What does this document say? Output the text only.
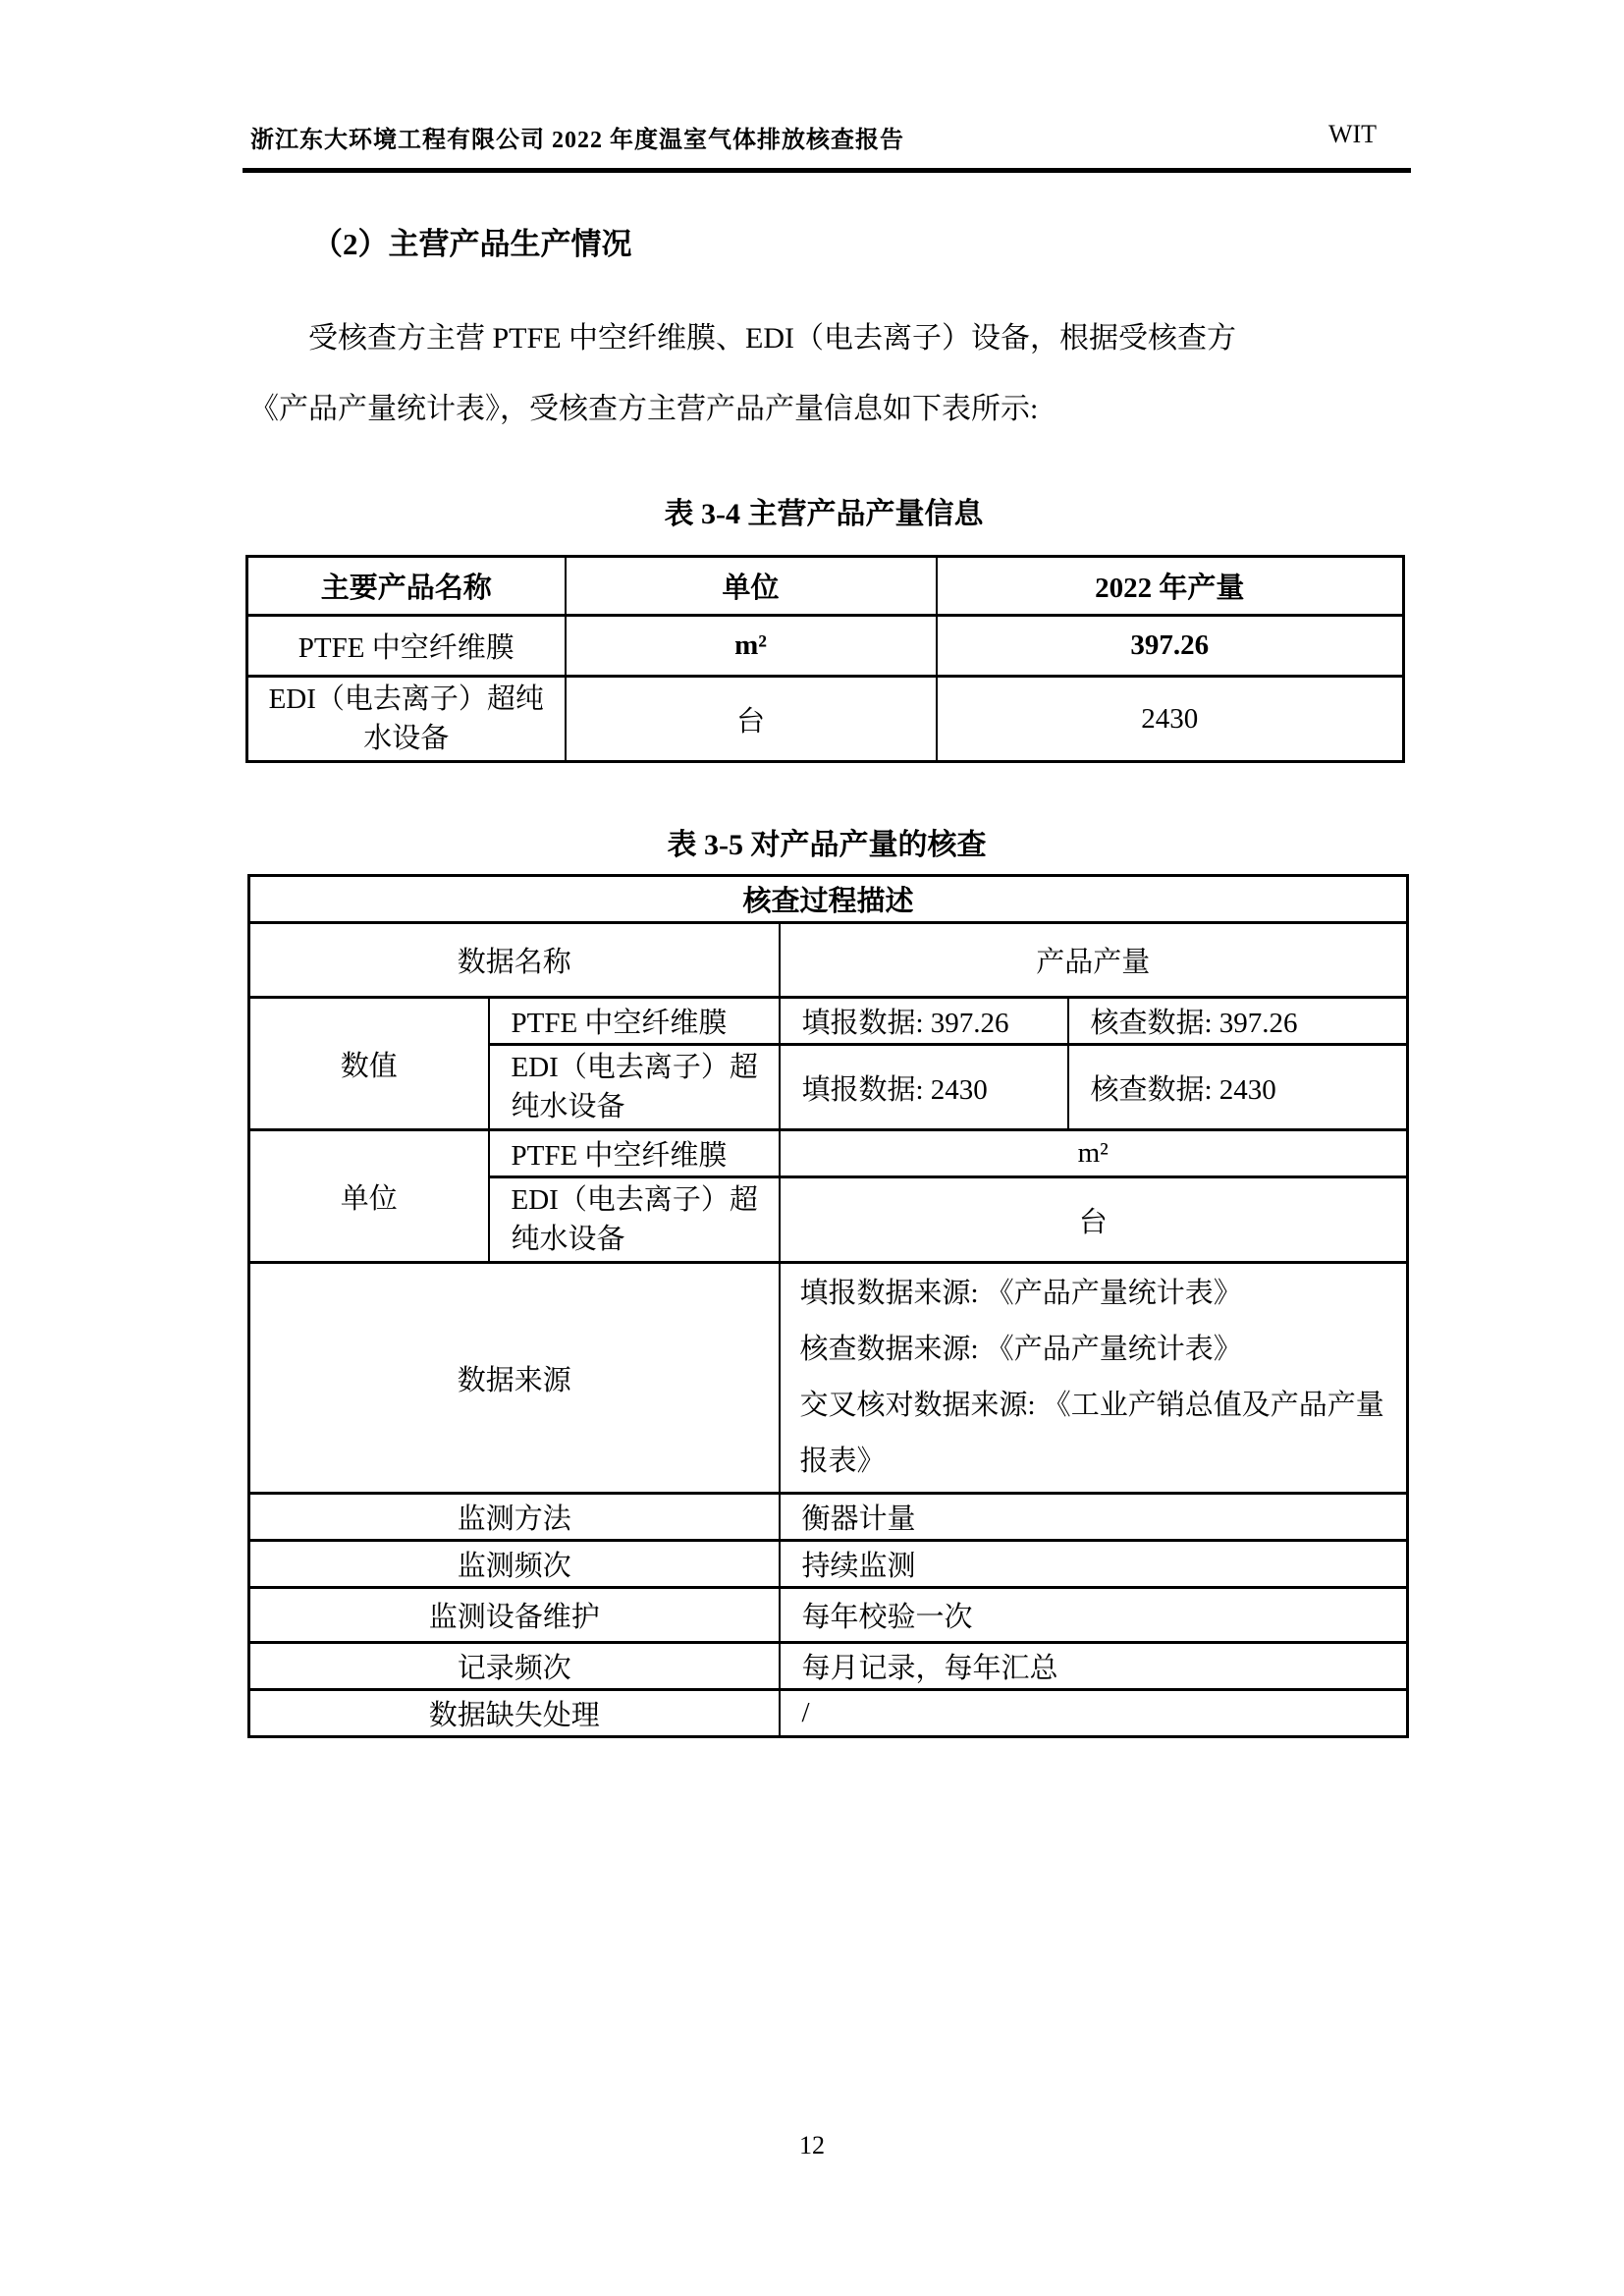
浙江东大环境工程有限公司 2022 年度温室气体排放核查报告	WIT
（2）主营产品生产情况
受核查方主营 PTFE 中空纤维膜、EDI（电去离子）设备，根据受核查方
《产品产量统计表》，受核查方主营产品产量信息如下表所示:
表 3-4 主营产品产量信息
主要产品名称	单位	2022 年产量
PTFE 中空纤维膜	m²	397.26
EDI（电去离子）超纯水设备	台	2430
表 3-5 对产品产量的核查
核查过程描述			
数据名称		产品产量	
数值	PTFE 中空纤维膜	填报数据: 397.26	核查数据: 397.26
	EDI（电去离子）超纯水设备	填报数据: 2430	核查数据: 2430
单位	PTFE 中空纤维膜	m²	
	EDI（电去离子）超纯水设备	台	
数据来源		填报数据来源: 《产品产量统计表》
核查数据来源: 《产品产量统计表》
交叉核对数据来源: 《工业产销总值及产品产量报表》	

监测方法		衡器计量	
监测频次		持续监测	
监测设备维护		每年校验一次	
记录频次		每月记录，每年汇总	
数据缺失处理		/	
12
